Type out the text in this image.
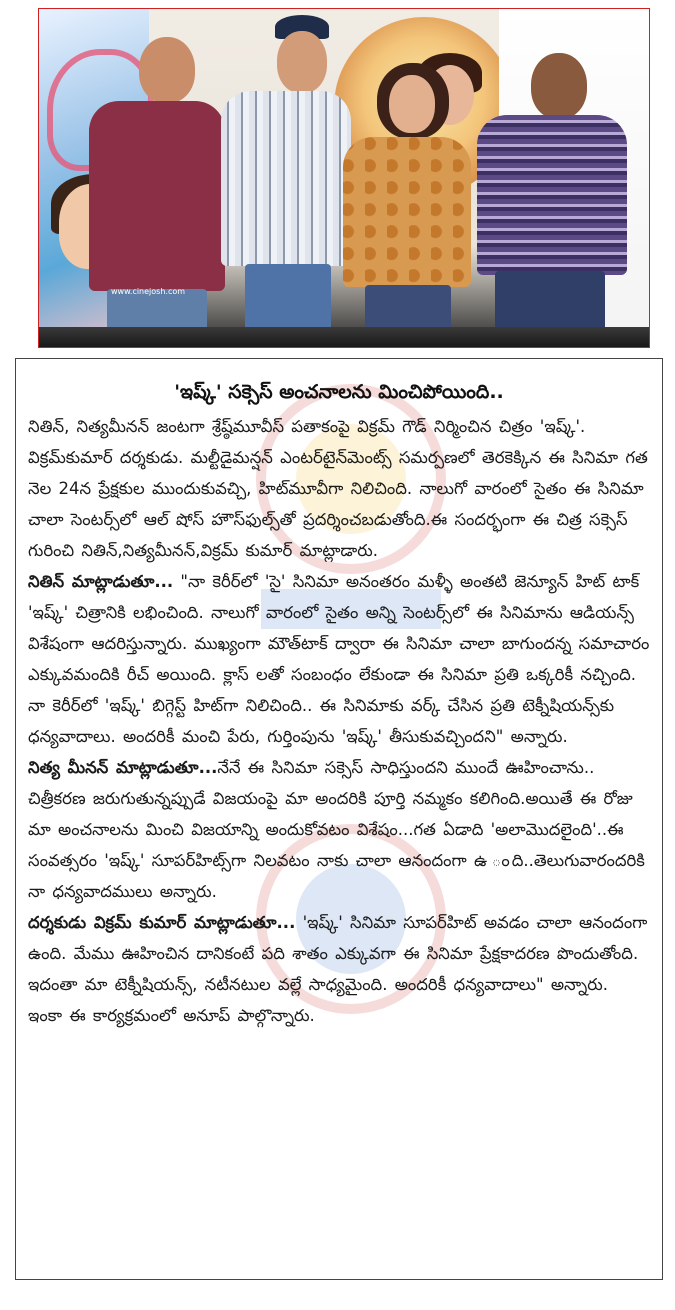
www.cinejosh.com
'ఇష్క్' సక్సెస్ అంచనాలను మించిపోయింది..

నితిన్, నిత్యమీనన్ జంటగా శ్రేష్ఠ్‌మూవీస్ పతాకంపై విక్రమ్ గౌడ్ నిర్మించిన చిత్రం 'ఇష్క్'. విక్రమ్‌కుమార్ దర్శకుడు. మల్టీడైమన్షన్ ఎంటర్‌టైన్‌మెంట్స్ సమర్పణలో తెరకెక్కిన ఈ సినిమా గత నెల 24న ప్రేక్షకుల ముందుకువచ్చి, హిట్‌మూవీగా నిలిచింది. నాలుగో వారంలో సైతం ఈ సినిమా చాలా సెంటర్స్‌లో ఆల్ షోస్ హౌస్‌ఫుల్స్‌తో ప్రదర్శించబడుతోంది.ఈ సందర్భంగా ఈ చిత్ర సక్సెస్ గురించి నితిన్,నిత్యమీనన్,విక్రమ్ కుమార్ మాట్లాడారు.

నితిన్ మాట్లాడుతూ... "నా కెరీర్‌లో 'సై' సినిమా అనంతరం మళ్ళీ అంతటి జెన్యూన్ హిట్ టాక్ 'ఇష్క్' చిత్రానికి లభించింది. నాలుగో వారంలో సైతం అన్ని సెంటర్స్‌లో ఈ సినిమాను ఆడియన్స్ విశేషంగా ఆదరిస్తున్నారు. ముఖ్యంగా మౌత్‌టాక్ ద్వారా ఈ సినిమా చాలా బాగుందన్న సమాచారం ఎక్కువమందికి రీచ్ అయింది. క్లాస్ లతో సంబంధం లేకుండా ఈ సినిమా ప్రతి ఒక్కరికీ నచ్చింది. నా కెరీర్‌లో 'ఇష్క్' బిగ్గెస్ట్ హిట్‌గా నిలిచింది.. ఈ సినిమాకు వర్క్ చేసిన ప్రతి టెక్నీషియన్స్‌కు ధన్యవాదాలు. అందరికీ మంచి పేరు, గుర్తింపును 'ఇష్క్' తీసుకువచ్చిందని" అన్నారు.

నిత్య మీనన్ మాట్లాడుతూ...నేనే ఈ సినిమా సక్సెస్ సాధిస్తుందని ముందే ఊహించాను.. చిత్రీకరణ జరుగుతున్నప్పుడే విజయంపై మా అందరికి పూర్తి నమ్మకం కలిగింది.అయితే ఈ రోజు మా అంచనాలను మించి విజయాన్ని అందుకోవటం విశేషం...గత ఏడాది 'అలామొదలైంది'..ఈ సంవత్సరం 'ఇష్క్' సూపర్‌హిట్స్‌గా నిలవటం నాకు చాలా ఆనందంగా ఉ ంది..తెలుగువారందరికి నా ధన్యవాదములు అన్నారు.

దర్శకుడు విక్రమ్ కుమార్ మాట్లాడుతూ... 'ఇష్క్' సినిమా సూపర్‌హిట్ అవడం చాలా ఆనందంగా ఉంది. మేము ఊహించిన దానికంటే పది శాతం ఎక్కువగా ఈ సినిమా ప్రేక్షకాదరణ పొందుతోంది. ఇదంతా మా టెక్నీషియన్స్, నటీనటుల వల్లే సాధ్యమైంది. అందరికీ ధన్యవాదాలు" అన్నారు.

ఇంకా ఈ కార్యక్రమంలో అనూప్ పాల్గొన్నారు.
